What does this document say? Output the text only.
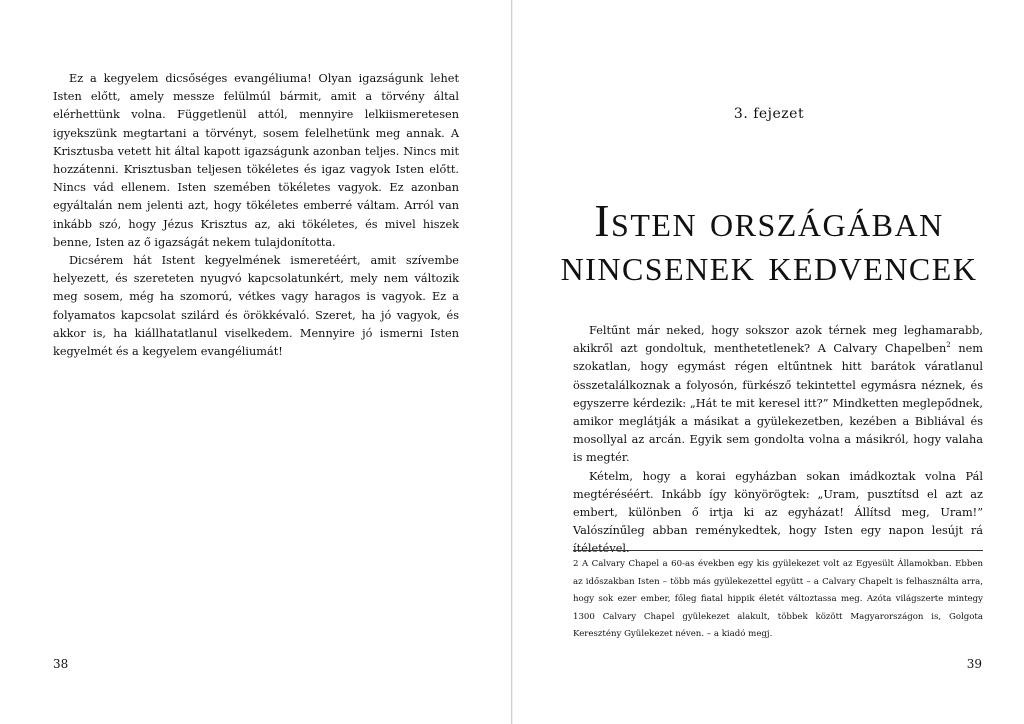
Ez a kegyelem dicsőséges evangéliuma! Olyan igazságunk lehet Isten előtt, amely messze felülmúl bármit, amit a törvény által elérhettünk volna. Függetlenül attól, mennyire lelkiismeretesen igyekszünk megtartani a törvényt, sosem felelhetünk meg annak. A Krisztusba vetett hit által kapott igazságunk azonban teljes. Nincs mit hozzátenni. Krisztusban teljesen tökéletes és igaz vagyok Isten előtt. Nincs vád ellenem. Isten szemében tökéletes vagyok. Ez azonban egyáltalán nem jelenti azt, hogy tökéletes emberré váltam. Arról van inkább szó, hogy Jézus Krisztus az, aki tökéletes, és mivel hiszek benne, Isten az ő igazságát nekem tulajdonította.

Dicsérem hát Istent kegyelmének ismeretéért, amit szívembe helyezett, és szereteten nyugvó kapcsolatunkért, mely nem változik meg sosem, még ha szomorú, vétkes vagy haragos is vagyok. Ez a folyamatos kapcsolat szilárd és örökkévaló. Szeret, ha jó vagyok, és akkor is, ha kiállhatatlanul viselkedem. Mennyire jó ismerni Isten kegyelmét és a kegyelem evangéliumát!

38
3. fejezet
Isten országában nincsenek kedvencek

Feltűnt már neked, hogy sokszor azok térnek meg leghamarabb, akikről azt gondoltuk, menthetetlenek? A Calvary Chapelben$^2$ nem szokatlan, hogy egymást régen eltűntnek hitt barátok váratlanul összetalálkoznak a folyosón, fürkésző tekintettel egymásra néznek, és egyszerre kérdezik: „Hát te mit keresel itt?” Mindketten meglepődnek, amikor meglátják a másikat a gyülekezetben, kezében a Bibliával és mosollyal az arcán. Egyik sem gondolta volna a másikról, hogy valaha is megtér.

Kételm, hogy a korai egyházban sokan imádkoztak volna Pál megtéréséért. Inkább így könyörögtek: „Uram, pusztítsd el azt az embert, különben ő irtja ki az egyházat! Állítsd meg, Uram!” Valószínűleg abban reménykedtek, hogy Isten egy napon lesújt rá ítéletével.

2 A Calvary Chapel a 60-as években egy kis gyülekezet volt az Egyesült Államokban. Ebben az időszakban Isten – több más gyülekezettel együtt – a Calvary Chapelt is felhasználta arra, hogy sok ezer ember, főleg fiatal hippik életét változtassa meg. Azóta világszerte mintegy 1300 Calvary Chapel gyülekezet alakult, többek között Magyarországon is, Golgota Keresztény Gyülekezet néven. – a kiadó megj.
39
